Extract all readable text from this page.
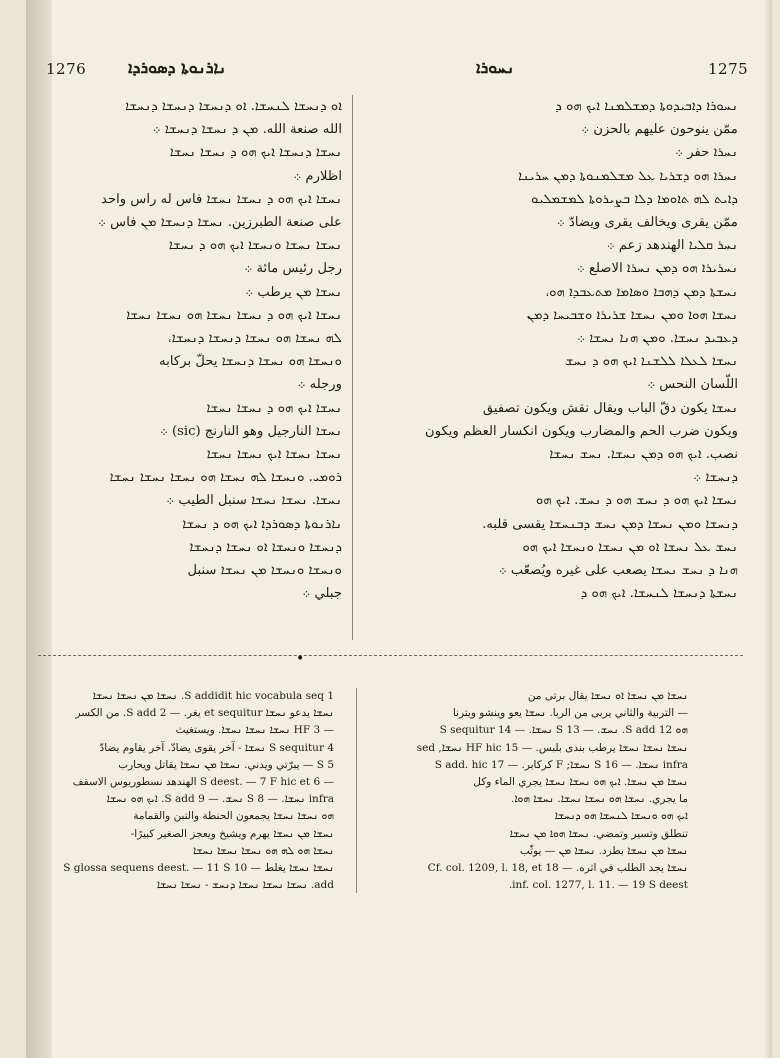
1276	ܢܐܪܢܘܬܐ ܕܣܘܪܕܐ	ܢܚܘܪܐ	1275

ܐܘ ܕܢܚܫܐ ܠܢܚܫܐ. ܐܘ ܕܢܚܫܐ ܕܢܚܫܐ ܕܢܚܫܐ

الله صنعة الله. ܡܢ ܕ ܢܚܫܐ ܕܢܚܫܐ ܀

ܢܚܫܐ ܕܢܚܫܐ ܐܝܟ ܗܘ ܕ ܢܚܫܐ ܢܚܫܐ

اظلارم ܀

ܢܚܫܐ ܐܝܟ ܗܘ ܕ ܢܚܫܐ ܢܚܫܐ فاس له راس واحد

على صنعة الطبرزين. ܢܚܫܐ ܕܢܚܫܐ ܡܢ فاس ܀

ܢܚܫܐ ܢܚܫܐ ܘܢܚܫܐ ܐܝܟ ܗܘ ܕ ܢܚܫܐ

رجل رئيس مائة ܀

ܢܚܫܐ ܡܢ يرطب ܀

ܢܚܫܐ ܐܝܟ ܗܘ ܕ ܢܚܫܐ ܢܚܫܐ ܗܘ ܢܚܫܐ ܢܚܫܐ

ܠܗ ܢܚܫܐ ܗܘ ܢܚܫܐ ܕܢܚܫܐ ܕܢܚܫܐ،

ܘܢܚܫܐ ܗܘ ܢܚܫܐ ܕܢܚܫܐ يحلّ بركابه

ورجله ܀

ܢܚܫܐ ܐܝܟ ܗܘ ܕ ܢܚܫܐ ܢܚܫܐ

ܢܚܫܐ النارجيل وهو النارنج (sic) ܀

ܢܚܫܐ ܢܚܫܐ ܐܝܟ ܢܚܫܐ ܢܚܫܐ

ܪܘܡܝ. ܘܢܚܫܐ ܠܗ ܢܚܫܐ ܗܘ ܢܚܫܐ ܢܚܫܐ ܢܚܫܐ

ܢܚܫܐ. ܢܚܫܐ ܢܚܫܐ سنبل الطيب ܀

ܢܐܪܢܘܬܐ ܕܣܘܪܕܐ ܐܝܟ ܗܘ ܕ ܢܚܫܐ

ܕܢܚܫܐ ܘܢܚܫܐ ܐܘ ܢܚܫܐ ܕܢܚܫܐ

ܘܢܚܫܐ ܘܢܚܫܐ ܡܢ ܢܚܫܐ سنبل

جبلي ܀

ܢܚܘܪܐ ܕܐܒܝܕܘܬܐ ܕܡܫܠܡܢܐ ܐܝܟ ܗܘ ܕ

ممّن ينوحون عليهم بالحزن ܀

ܢܚܪܐ حفر ܀

ܢܚܪܐ ܗܘ ܕܫܪܝܐ ܥܠ ܡܫܠܡܢܘܬܐ ܕܡܢ ܚܪܝܢܐ

ܕܐܝܬ ܠܗ ܬܐܘܡܐ ܕܠܐ ܒܨܝܪܘܬܐ ܠܡܫܡܠܝܘ

ممّن يقرى ويخالف يقرى ويضادّ ܀

ܢܚܪ ܩܠܝܐ الهندهد زعم ܀

ܢܚܪܝܪܐ ܗܘ ܕܡܢ ܢܚܪܐ الاصلع ܀

ܢܚܫܬܐ ܕܡܢ ܕܗܒܐ ܘܣܐܡܐ ܡܬܥܒܕܐ ܗܘ،

ܢܚܫܐ ܗܘܐ ܘܡܢ ܢܚܫܐ ܫܪܝܪܐ ܘܫܒܝܚܐ ܕܡܢ

ܕܥܒܝܕ ܢܚܫܐ. ܘܡܢ ܗܢܐ ܢܚܫܐ ܀

ܢܚܫܐ ܠܥܠܐ ܠܠܫܢܐ ܐܝܟ ܗܘ ܕ ܢܚܫ

اللّسان النحس ܀

ܢܚܫܐ يكون دقّ الباب ويقال نقش ويكون تصفيق

ويكون ضرب الحم والمضارب ويكون انكسار العظم ويكون

نصب. ܐܝܟ ܗܘ ܕܡܢ ܢܚܫܐ. ܢܚܫ ܢܚܫܐ

ܕܢܚܫܐ ܀

ܢܚܫܐ ܐܝܟ ܗܘ ܕ ܢܚܫ ܗܘ ܕ ܢܚܫ. ܐܝܟ ܗܘ

ܕܢܚܫܐ ܘܡܢ ܢܚܫܐ ܕܡܢ ܢܚܫ ܕܒܢܚܫܐ يقسى قلبه.

ܢܚܫ ܥܠ ܢܚܫܐ ܐܘ ܡܢ ܢܚܫܐ ܘܢܚܫܐ ܐܝܟ ܗܘ

ܗܢܐ ܕ ܢܚܫ ܢܚܫܐ يصعب على غيره ويُصعّب ܀

ܢܚܫܬܐ ܕܢܚܫܐ ܠܢܚܫܐ. ܐܝܟ ܗܘ ܕ

•

1 S addidit hic vocabula seq. ܢܚܫܐ ܡܢ ܢܚܫܐ ܢܚܫܐ

ܢܚܫܐ يدعو ܢܚܫܐ et sequitur يغر. — 2 S add. من الكسر

— 3 HF ܢܚܫܐ ܢܚܫܐ ܢܚܫܐ. ويستغيث

4 S sequitur ܢܚܫܐ - آخر يقوى يضادّ. آخر يقاوم يضادّ

5 S — يبرّتي ويدني. ܢܚܫܐ ܡܢ ܢܚܫܐ يقاتل ويحارب

— 6 S deest. — 7 F hic et الهندهد نسطوريوس الاسقف

infra ܢܚܫܐ. — 8 S ܢܚܫ. — 9 S add. ܐܝܟ ܗܘ ܢܚܫܐ

ܗܘ ܢܚܫܐ ܢܚܫܐ يجمعون الحنطة والتبن والقمامة

ܢܚܫܐ ܡܢ ܢܚܫܐ يهرم ويشيخ ويعجز الصغير كبيرًا-

ܢܚܫܐ ܗܘ ܠܗ ܗܘ ܢܚܫܐ ܢܚܫܐ ܢܚܫܐ

ܢܚܫܐ ܢܚܫܐ يغلط — 10 S glossa sequens deest. — 11 S

add. ܢܚܫܐ ܢܚܫܐ ܢܚܫܐ ܕܢܚܫ - ܢܚܫܐ ܢܚܫܐ

ܢܚܫܐ ܡܢ ܢܚܫܐ ܐܘ ܢܚܫܐ يقال برتى من

— التربية والثاني يربى من الربا. ܢܚܫܐ يعو وينشو ويترنا

ܗܘ 12 S add. ܢܚܫ. — 13 S ܢܚܫܐ. — 14 S sequitur

ܢܚܫܐ ܢܚܫܐ ܢܚܫܐ يرطب بندى بلبس. — 15 HF hic ܢܚܫܐ, sed

infra ܢܚܫܐ. — 16 S ܢܚܫܐ; F كركابر. — 17 S add. hic

ܢܚܫܐ ܡܢ ܢܚܫܐ. ܐܝܟ ܗܘ ܢܚܫܐ ܢܚܫܐ يجري الماء وكل

ما يجري. ܢܚܫܐ ܗܘ ܢܚܫܐ ܢܚܫܐ. ܢܚܫܐ ܗܘܐ.

ܐܝܟ ܗܘ ܘܢܚܫܐ ܠܢܚܫܐ ܗܘ ܕܢܚܫܐ

تنطلق وتسير وتمضي. ܢܚܫܐ ܗܘܐ ܡܢ ܢܚܫܐ

ܢܚܫܐ ܡܢ ܢܚܫܐ بطرد. ܢܚܫܐ ܡܢ — يوثّب

ܢܚܫܐ يجد الطلب في اثره. — 18 Cf. col. 1209, l. 18, et

inf. col. 1277, l. 11. — 19 S deest.
